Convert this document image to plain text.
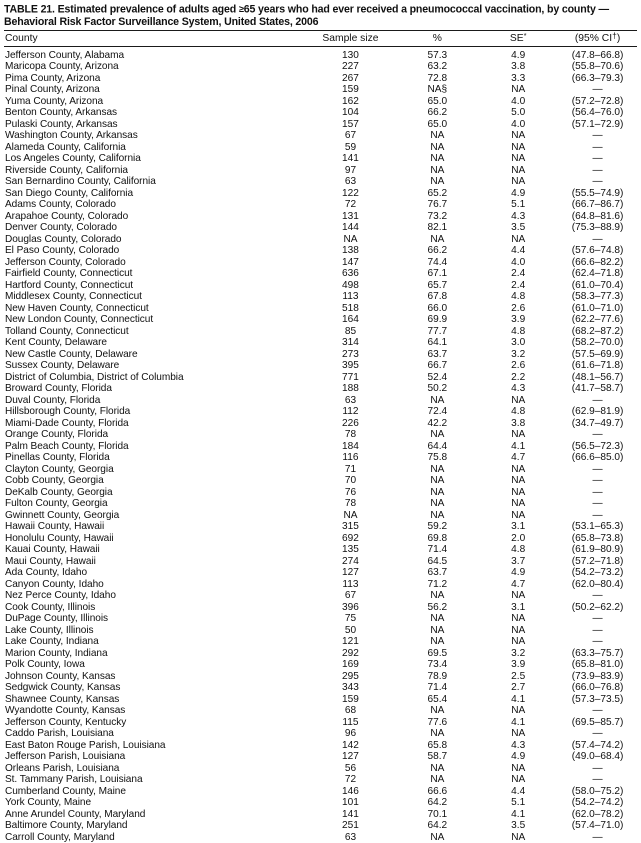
TABLE 21. Estimated prevalence of adults aged ≥65 years who had ever received a pneumococcal vaccination, by county —
Behavioral Risk Factor Surveillance System, United States, 2006
County	Sample size	%	SE*	(95% CI†)
Jefferson County, Alabama	130	57.3	4.9	(47.8–66.8)
Maricopa County, Arizona	227	63.2	3.8	(55.8–70.6)
Pima County, Arizona	267	72.8	3.3	(66.3–79.3)
Pinal County, Arizona	159	NA§	NA	—
Yuma County, Arizona	162	65.0	4.0	(57.2–72.8)
Benton County, Arkansas	104	66.2	5.0	(56.4–76.0)
Pulaski County, Arkansas	157	65.0	4.0	(57.1–72.9)
Washington County, Arkansas	67	NA	NA	—
Alameda County, California	59	NA	NA	—
Los Angeles County, California	141	NA	NA	—
Riverside County, California	97	NA	NA	—
San Bernardino County, California	63	NA	NA	—
San Diego County, California	122	65.2	4.9	(55.5–74.9)
Adams County, Colorado	72	76.7	5.1	(66.7–86.7)
Arapahoe County, Colorado	131	73.2	4.3	(64.8–81.6)
Denver County, Colorado	144	82.1	3.5	(75.3–88.9)
Douglas County, Colorado	NA	NA	NA	—
El Paso County, Colorado	138	66.2	4.4	(57.6–74.8)
Jefferson County, Colorado	147	74.4	4.0	(66.6–82.2)
Fairfield County, Connecticut	636	67.1	2.4	(62.4–71.8)
Hartford County, Connecticut	498	65.7	2.4	(61.0–70.4)
Middlesex County, Connecticut	113	67.8	4.8	(58.3–77.3)
New Haven County, Connecticut	518	66.0	2.6	(61.0–71.0)
New London County, Connecticut	164	69.9	3.9	(62.2–77.6)
Tolland County, Connecticut	85	77.7	4.8	(68.2–87.2)
Kent County, Delaware	314	64.1	3.0	(58.2–70.0)
New Castle County, Delaware	273	63.7	3.2	(57.5–69.9)
Sussex County, Delaware	395	66.7	2.6	(61.6–71.8)
District of Columbia, District of Columbia	771	52.4	2.2	(48.1–56.7)
Broward County, Florida	188	50.2	4.3	(41.7–58.7)
Duval County, Florida	63	NA	NA	—
Hillsborough County, Florida	112	72.4	4.8	(62.9–81.9)
Miami-Dade County, Florida	226	42.2	3.8	(34.7–49.7)
Orange County, Florida	78	NA	NA	—
Palm Beach County, Florida	184	64.4	4.1	(56.5–72.3)
Pinellas County, Florida	116	75.8	4.7	(66.6–85.0)
Clayton County, Georgia	71	NA	NA	—
Cobb County, Georgia	70	NA	NA	—
DeKalb County, Georgia	76	NA	NA	—
Fulton County, Georgia	78	NA	NA	—
Gwinnett County, Georgia	NA	NA	NA	—
Hawaii County, Hawaii	315	59.2	3.1	(53.1–65.3)
Honolulu County, Hawaii	692	69.8	2.0	(65.8–73.8)
Kauai County, Hawaii	135	71.4	4.8	(61.9–80.9)
Maui County, Hawaii	274	64.5	3.7	(57.2–71.8)
Ada County, Idaho	127	63.7	4.9	(54.2–73.2)
Canyon County, Idaho	113	71.2	4.7	(62.0–80.4)
Nez Perce County, Idaho	67	NA	NA	—
Cook County, Illinois	396	56.2	3.1	(50.2–62.2)
DuPage County, Illinois	75	NA	NA	—
Lake County, Illinois	50	NA	NA	—
Lake County, Indiana	121	NA	NA	—
Marion County, Indiana	292	69.5	3.2	(63.3–75.7)
Polk County, Iowa	169	73.4	3.9	(65.8–81.0)
Johnson County, Kansas	295	78.9	2.5	(73.9–83.9)
Sedgwick County, Kansas	343	71.4	2.7	(66.0–76.8)
Shawnee County, Kansas	159	65.4	4.1	(57.3–73.5)
Wyandotte County, Kansas	68	NA	NA	—
Jefferson County, Kentucky	115	77.6	4.1	(69.5–85.7)
Caddo Parish, Louisiana	96	NA	NA	—
East Baton Rouge Parish, Louisiana	142	65.8	4.3	(57.4–74.2)
Jefferson Parish, Louisiana	127	58.7	4.9	(49.0–68.4)
Orleans Parish, Louisiana	56	NA	NA	—
St. Tammany Parish, Louisiana	72	NA	NA	—
Cumberland County, Maine	146	66.6	4.4	(58.0–75.2)
York County, Maine	101	64.2	5.1	(54.2–74.2)
Anne Arundel County, Maryland	141	70.1	4.1	(62.0–78.2)
Baltimore County, Maryland	251	64.2	3.5	(57.4–71.0)
Carroll County, Maryland	63	NA	NA	—
